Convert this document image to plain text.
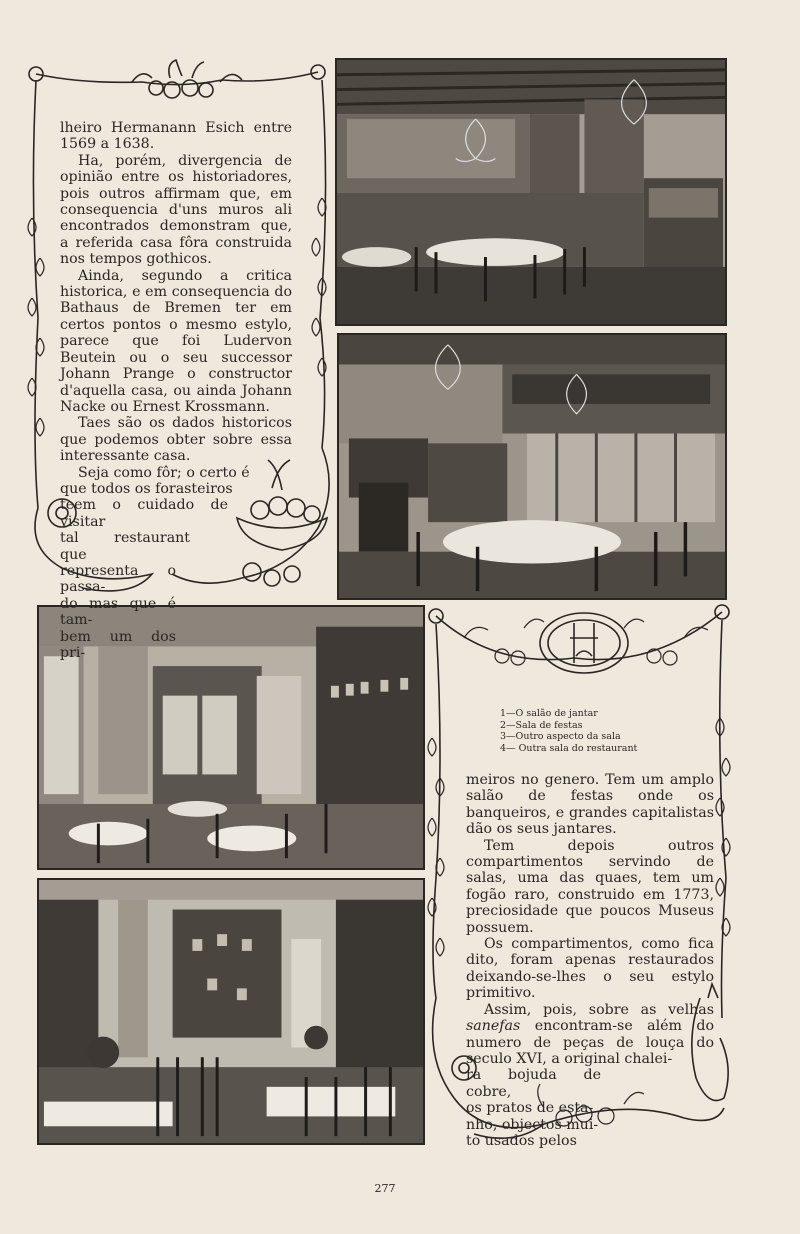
lheiro Hermanann Esich entre 1569 a 1638.

Ha, porém, divergencia de opinião entre os historiadores, pois outros affirmam que, em consequencia d'uns muros ali encontrados demonstram que, a referida casa fôra construida nos tempos gothicos.

Ainda, segundo a critica historica, e em consequencia do Bathaus de Bremen ter em certos pontos o mesmo estylo, parece que foi Ludervon Beutein ou o seu successor Johann Prange o constructor d'aquella casa, ou ainda Johann Nacke ou Ernest Krossmann.

Taes são os dados historicos que podemos obter sobre essa interessante casa.

Seja como fôr; o certo é

que todos os forasteiros

teem o cuidado de visitar

tal restaurant que

representa o passa-

do mas que é tam-

bem um dos pri-

1—O salão de jantar
2—Sala de festas
3—Outro aspecto da sala
4— Outra sala do restaurant

meiros no genero. Tem um amplo salão de festas onde os banqueiros, e grandes capitalistas dão os seus jantares.

Tem depois outros compartimentos servindo de salas, uma das quaes, tem um fogão raro, construido em 1773, preciosidade que poucos Museus possuem.

Os compartimentos, como fica dito, foram apenas restaurados deixando-se-lhes o seu estylo primitivo.

Assim, pois, sobre as velhas sanefas encontram-se além do numero de peças de louça do seculo XVI, a original chalei-

ra bojuda de cobre,

os pratos de esta-

nho, objectos mui-

to usados pelos

277
